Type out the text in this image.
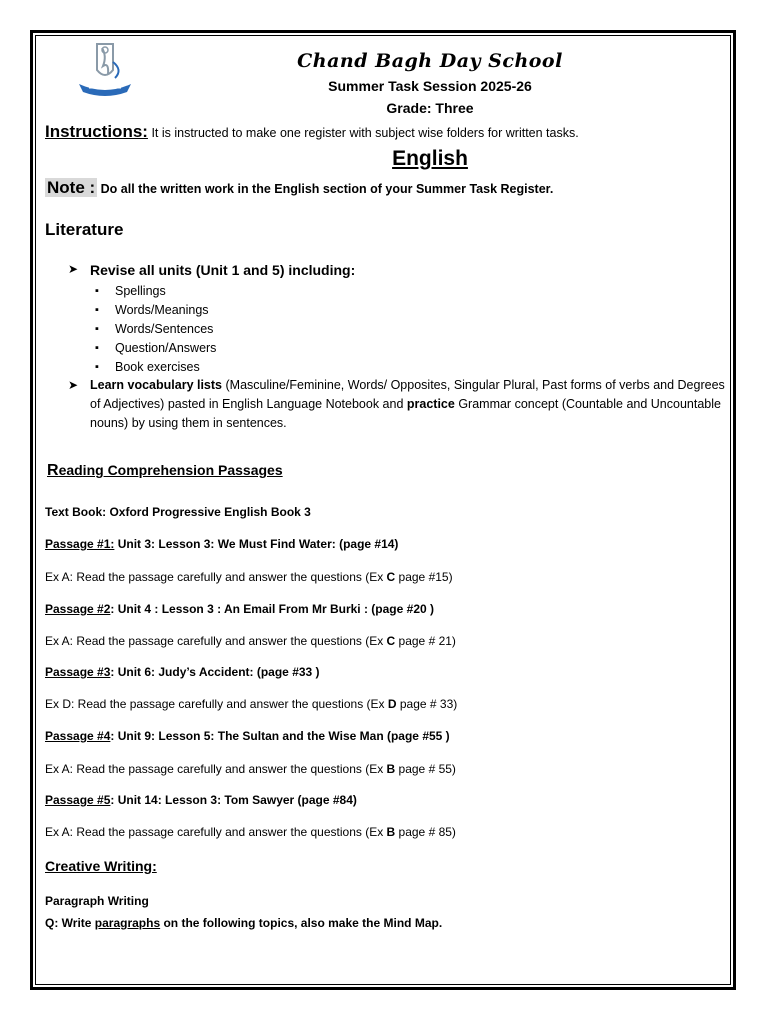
Chand Bagh Day School
Summer Task Session 2025-26
Grade: Three
Instructions: It is instructed to make one register with subject wise folders for written tasks.
English
Note : Do all the written work in the English section of your Summer Task Register.
Literature
➤ Revise all units (Unit 1 and 5) including:
▪ Spellings
▪ Words/Meanings
▪ Words/Sentences
▪ Question/Answers
▪ Book exercises
➤ Learn vocabulary lists (Masculine/Feminine, Words/ Opposites, Singular Plural, Past forms of verbs and Degrees of Adjectives) pasted in English Language Notebook and practice Grammar concept (Countable and Uncountable nouns) by using them in sentences.
Reading Comprehension Passages
Text Book: Oxford Progressive English Book 3
Passage #1: Unit 3: Lesson 3: We Must Find Water: (page #14)
Ex A: Read the passage carefully and answer the questions (Ex C page #15)
Passage #2: Unit 4 : Lesson 3 : An Email From Mr Burki : (page #20 )
Ex A: Read the passage carefully and answer the questions (Ex C page # 21)
Passage #3: Unit 6: Judy’s Accident: (page #33 )
Ex D: Read the passage carefully and answer the questions (Ex D page # 33)
Passage #4: Unit 9: Lesson 5: The Sultan and the Wise Man (page #55 )
Ex A: Read the passage carefully and answer the questions (Ex B page # 55)
Passage #5: Unit 14: Lesson 3: Tom Sawyer (page #84)
Ex A: Read the passage carefully and answer the questions (Ex B page # 85)
Creative Writing:
Paragraph Writing
Q: Write paragraphs on the following topics, also make the Mind Map.
